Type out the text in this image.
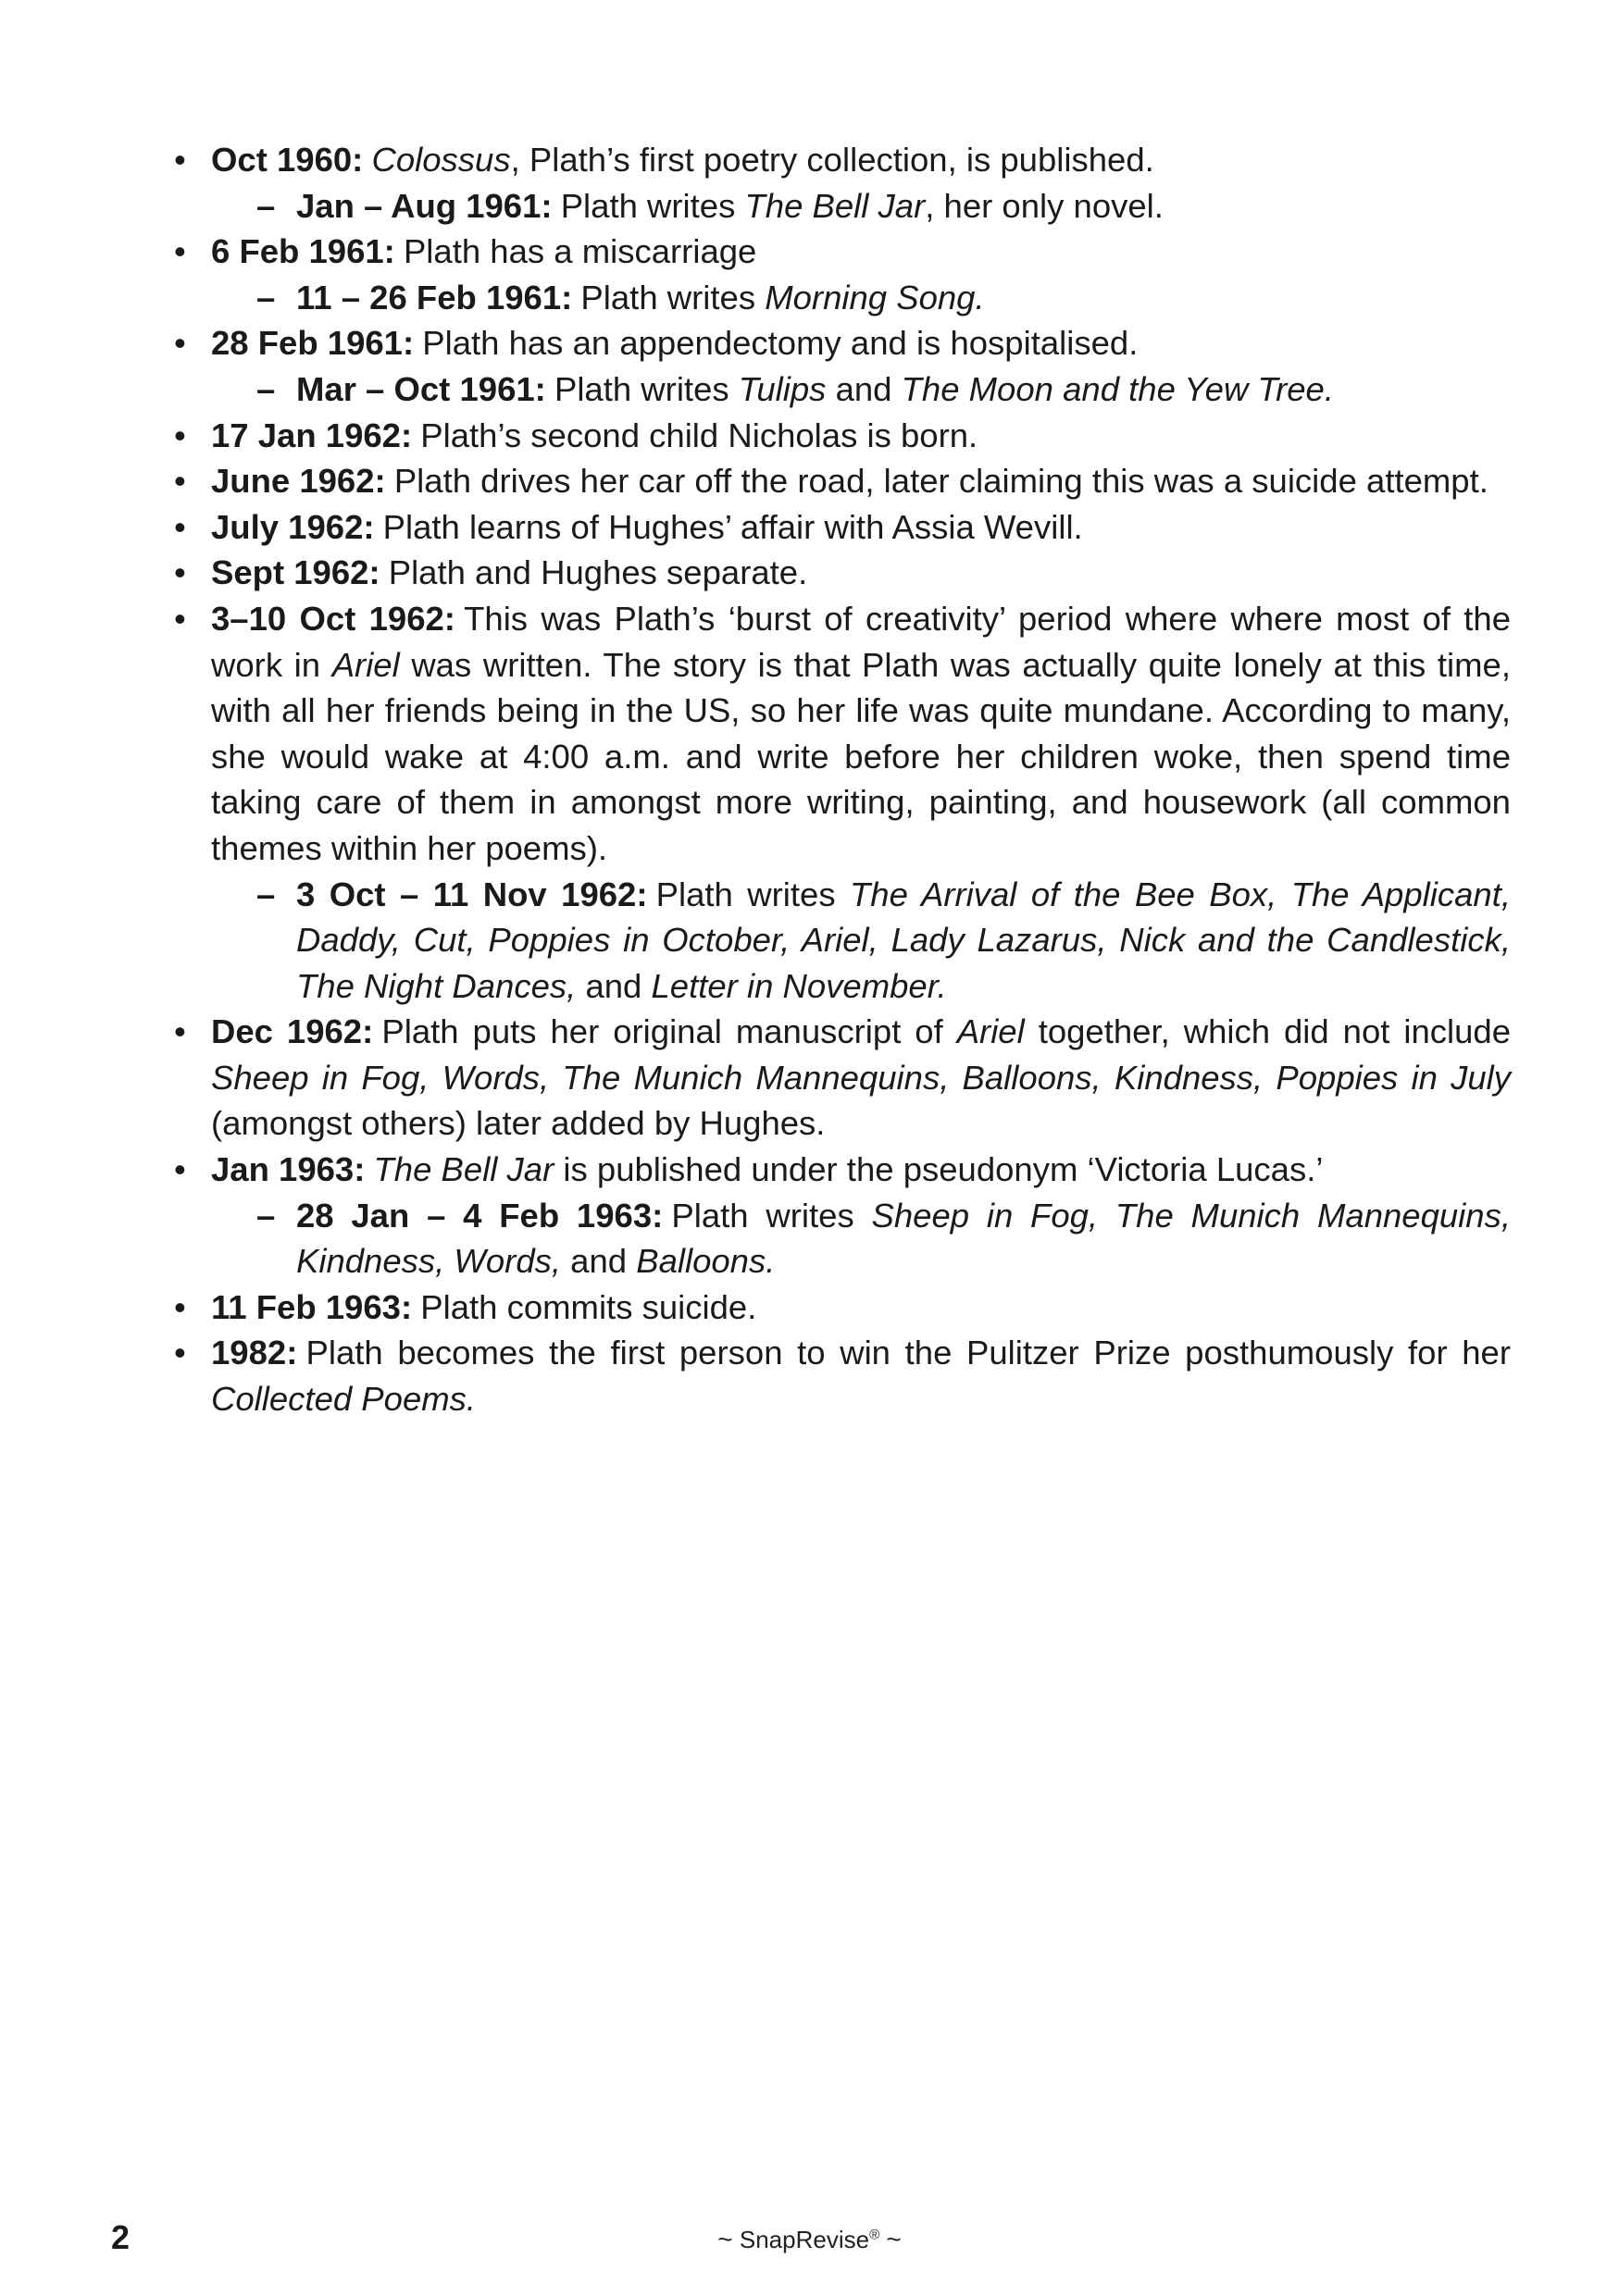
• Oct 1960: Colossus, Plath’s first poetry collection, is published.
– Jan – Aug 1961: Plath writes The Bell Jar, her only novel.
• 6 Feb 1961: Plath has a miscarriage
– 11 – 26 Feb 1961: Plath writes Morning Song.
• 28 Feb 1961: Plath has an appendectomy and is hospitalised.
– Mar – Oct 1961: Plath writes Tulips and The Moon and the Yew Tree.
• 17 Jan 1962: Plath’s second child Nicholas is born.
• June 1962: Plath drives her car off the road, later claiming this was a suicide attempt.
• July 1962: Plath learns of Hughes’ affair with Assia Wevill.
• Sept 1962: Plath and Hughes separate.
• 3–10 Oct 1962: This was Plath’s ‘burst of creativity’ period where where most of the work in Ariel was written. The story is that Plath was actually quite lonely at this time, with all her friends being in the US, so her life was quite mundane. According to many, she would wake at 4:00 a.m. and write before her children woke, then spend time taking care of them in amongst more writing, painting, and housework (all common themes within her poems).
– 3 Oct – 11 Nov 1962: Plath writes The Arrival of the Bee Box, The Applicant, Daddy, Cut, Poppies in October, Ariel, Lady Lazarus, Nick and the Candlestick, The Night Dances, and Letter in November.
• Dec 1962: Plath puts her original manuscript of Ariel together, which did not include Sheep in Fog, Words, The Munich Mannequins, Balloons, Kindness, Poppies in July (amongst others) later added by Hughes.
• Jan 1963: The Bell Jar is published under the pseudonym ‘Victoria Lucas.’
– 28 Jan – 4 Feb 1963: Plath writes Sheep in Fog, The Munich Mannequins, Kindness, Words, and Balloons.
• 11 Feb 1963: Plath commits suicide.
• 1982: Plath becomes the first person to win the Pulitzer Prize posthumously for her Collected Poems.
2	~ SnapRevise® ~
